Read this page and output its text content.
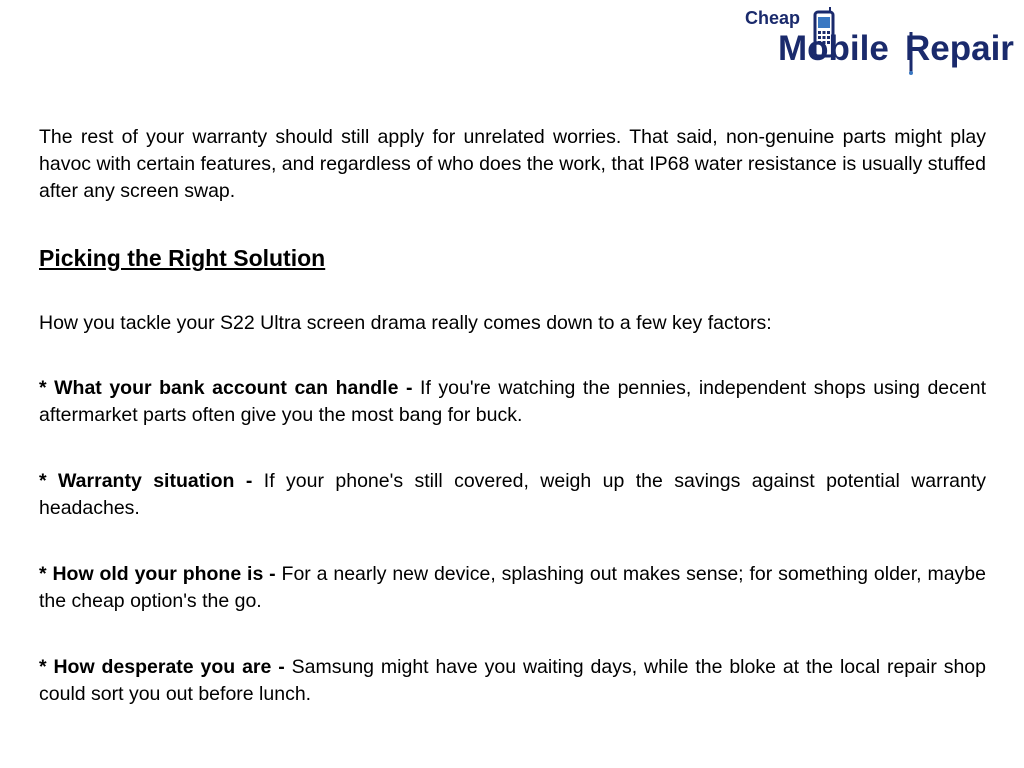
Cheap
Mobile Repair

The rest of your warranty should still apply for unrelated worries. That said, non-genuine parts might play havoc with certain features, and regardless of who does the work, that IP68 water resistance is usually stuffed after any screen swap.

Picking the Right Solution

How you tackle your S22 Ultra screen drama really comes down to a few key factors:

* What your bank account can handle - If you're watching the pennies, independent shops using decent aftermarket parts often give you the most bang for buck.

* Warranty situation - If your phone's still covered, weigh up the savings against potential warranty headaches.

* How old your phone is - For a nearly new device, splashing out makes sense; for something older, maybe the cheap option's the go.

* How desperate you are - Samsung might have you waiting days, while the bloke at the local repair shop could sort you out before lunch.
